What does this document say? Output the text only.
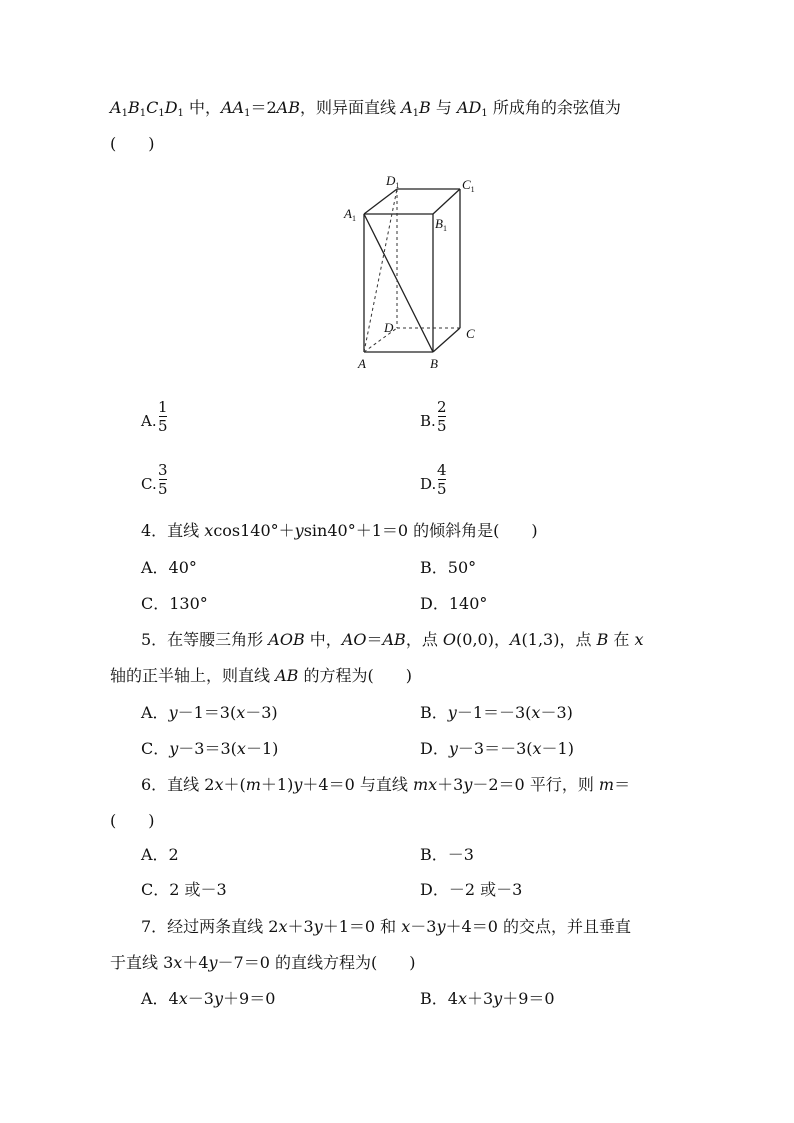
$A_1B_1C_1D_1$ 中，$AA_1=2AB$，则异面直线 $A_1B$ 与 $AD_1$ 所成角的余弦值为
(　　)
$D_1$	$C_1$
$A_1$	$B_1$
D	C
A	B
A.
1
5	B.
2
5
C.
3
5	D.
4
5
4．直线 xcos140°＋ysin40°＋1＝0 的倾斜角是(　　)
A．40°	B．50°
C．130°	D．140°
5．在等腰三角形 AOB 中，AO＝AB，点 O(0,0)，A(1,3)，点 B 在 x
轴的正半轴上，则直线 AB 的方程为(　　)
A．y－1＝3(x－3)	B．y－1＝－3(x－3)
C．y－3＝3(x－1)	D．y－3＝－3(x－1)
6．直线 2x＋(m＋1)y＋4＝0 与直线 mx＋3y－2＝0 平行，则 m＝
(　　)
A．2	B．－3
C．2 或－3	D．－2 或－3
7．经过两条直线 2x＋3y＋1＝0 和 x－3y＋4＝0 的交点，并且垂直
于直线 3x＋4y－7＝0 的直线方程为(　　)
A．4x－3y＋9＝0	B．4x＋3y＋9＝0
